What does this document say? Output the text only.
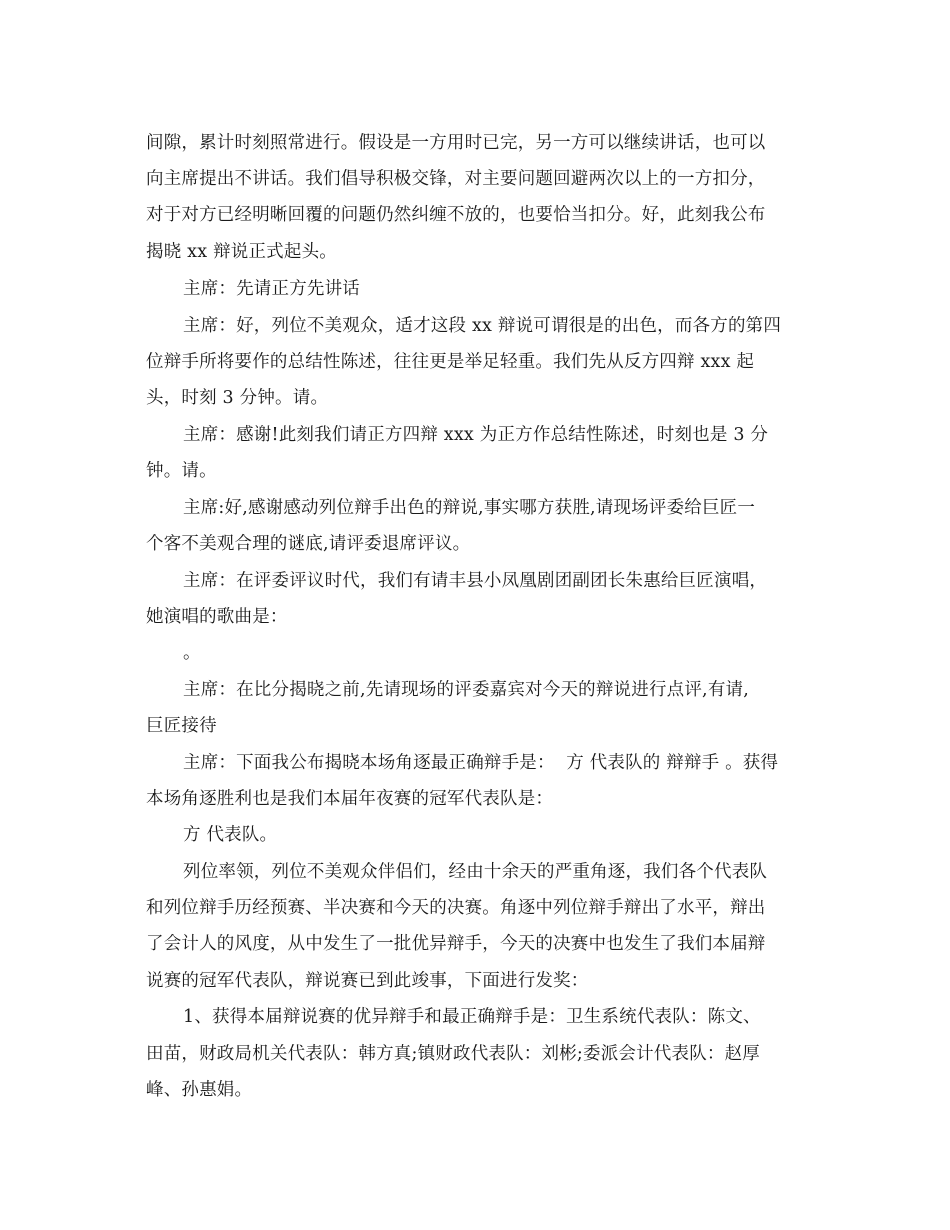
间隙，累计时刻照常进行。假设是一方用时已完，另一方可以继续讲话，也可以
向主席提出不讲话。我们倡导积极交锋，对主要问题回避两次以上的一方扣分，
对于对方已经明晰回覆的问题仍然纠缠不放的，也要恰当扣分。好，此刻我公布
揭晓 xx 辩说正式起头。
主席：先请正方先讲话
主席：好，列位不美观众，适才这段 xx 辩说可谓很是的出色，而各方的第四
位辩手所将要作的总结性陈述，往往更是举足轻重。我们先从反方四辩 xxx 起
头，时刻 3 分钟。请。
主席：感谢!此刻我们请正方四辩 xxx 为正方作总结性陈述，时刻也是 3 分
钟。请。
主席:好,感谢感动列位辩手出色的辩说,事实哪方获胜,请现场评委给巨匠一
个客不美观合理的谜底,请评委退席评议。
主席：在评委评议时代，我们有请丰县小凤凰剧团副团长朱惠给巨匠演唱，
她演唱的歌曲是：
。
主席：在比分揭晓之前,先请现场的评委嘉宾对今天的辩说进行点评,有请,
巨匠接待
主席：下面我公布揭晓本场角逐最正确辩手是：  方 代表队的 辩辩手 。获得
本场角逐胜利也是我们本届年夜赛的冠军代表队是：
方 代表队。
列位率领，列位不美观众伴侣们，经由十余天的严重角逐，我们各个代表队
和列位辩手历经预赛、半决赛和今天的决赛。角逐中列位辩手辩出了水平，辩出
了会计人的风度，从中发生了一批优异辩手，今天的决赛中也发生了我们本届辩
说赛的冠军代表队，辩说赛已到此竣事，下面进行发奖：
1、获得本届辩说赛的优异辩手和最正确辩手是：卫生系统代表队：陈文、
田苗，财政局机关代表队：韩方真;镇财政代表队：刘彬;委派会计代表队：赵厚
峰、孙惠娟。
